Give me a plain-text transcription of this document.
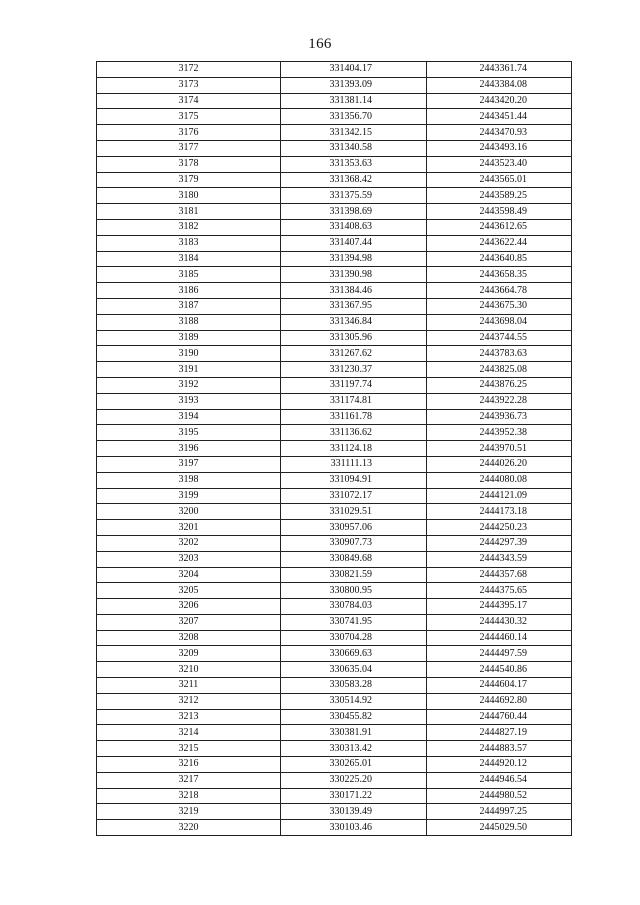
166
3172	331404.17	2443361.74
3173	331393.09	2443384.08
3174	331381.14	2443420.20
3175	331356.70	2443451.44
3176	331342.15	2443470.93
3177	331340.58	2443493.16
3178	331353.63	2443523.40
3179	331368.42	2443565.01
3180	331375.59	2443589.25
3181	331398.69	2443598.49
3182	331408.63	2443612.65
3183	331407.44	2443622.44
3184	331394.98	2443640.85
3185	331390.98	2443658.35
3186	331384.46	2443664.78
3187	331367.95	2443675.30
3188	331346.84	2443698.04
3189	331305.96	2443744.55
3190	331267.62	2443783.63
3191	331230.37	2443825.08
3192	331197.74	2443876.25
3193	331174.81	2443922.28
3194	331161.78	2443936.73
3195	331136.62	2443952.38
3196	331124.18	2443970.51
3197	331111.13	2444026.20
3198	331094.91	2444080.08
3199	331072.17	2444121.09
3200	331029.51	2444173.18
3201	330957.06	2444250.23
3202	330907.73	2444297.39
3203	330849.68	2444343.59
3204	330821.59	2444357.68
3205	330800.95	2444375.65
3206	330784.03	2444395.17
3207	330741.95	2444430.32
3208	330704.28	2444460.14
3209	330669.63	2444497.59
3210	330635.04	2444540.86
3211	330583.28	2444604.17
3212	330514.92	2444692.80
3213	330455.82	2444760.44
3214	330381.91	2444827.19
3215	330313.42	2444883.57
3216	330265.01	2444920.12
3217	330225.20	2444946.54
3218	330171.22	2444980.52
3219	330139.49	2444997.25
3220	330103.46	2445029.50
